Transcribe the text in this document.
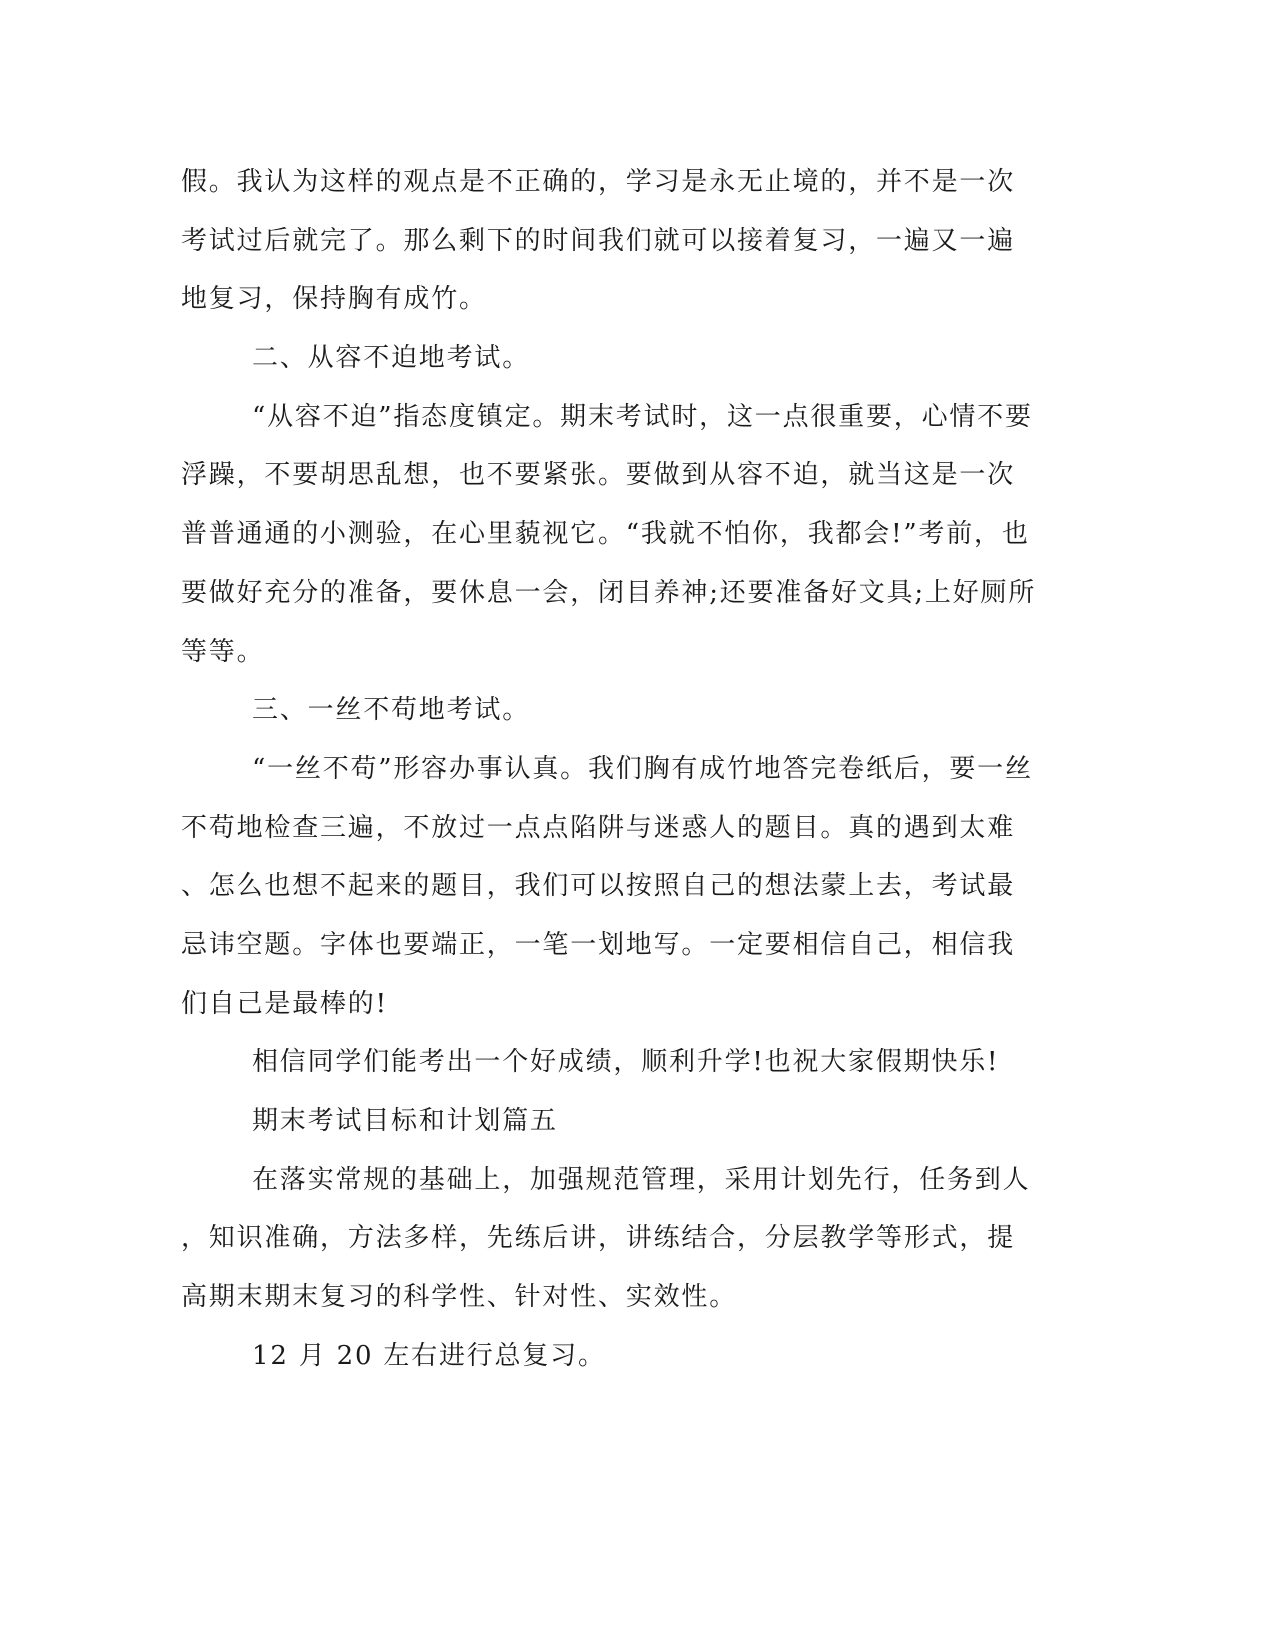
假。我认为这样的观点是不正确的，学习是永无止境的，并不是一次
考试过后就完了。那么剩下的时间我们就可以接着复习，一遍又一遍
地复习，保持胸有成竹。
二、从容不迫地考试。
“从容不迫”指态度镇定。期末考试时，这一点很重要，心情不要
浮躁，不要胡思乱想，也不要紧张。要做到从容不迫，就当这是一次
普普通通的小测验，在心里藐视它。“我就不怕你，我都会!”考前，也
要做好充分的准备，要休息一会，闭目养神;还要准备好文具;上好厕所
等等。
三、一丝不苟地考试。
“一丝不苟”形容办事认真。我们胸有成竹地答完卷纸后，要一丝
不苟地检查三遍，不放过一点点陷阱与迷惑人的题目。真的遇到太难
、怎么也想不起来的题目，我们可以按照自己的想法蒙上去，考试最
忌讳空题。字体也要端正，一笔一划地写。一定要相信自己，相信我
们自己是最棒的!
相信同学们能考出一个好成绩，顺利升学!也祝大家假期快乐!
期末考试目标和计划篇五
在落实常规的基础上，加强规范管理，采用计划先行，任务到人
，知识准确，方法多样，先练后讲，讲练结合，分层教学等形式，提
高期末期末复习的科学性、针对性、实效性。
12 月 20 左右进行总复习。
